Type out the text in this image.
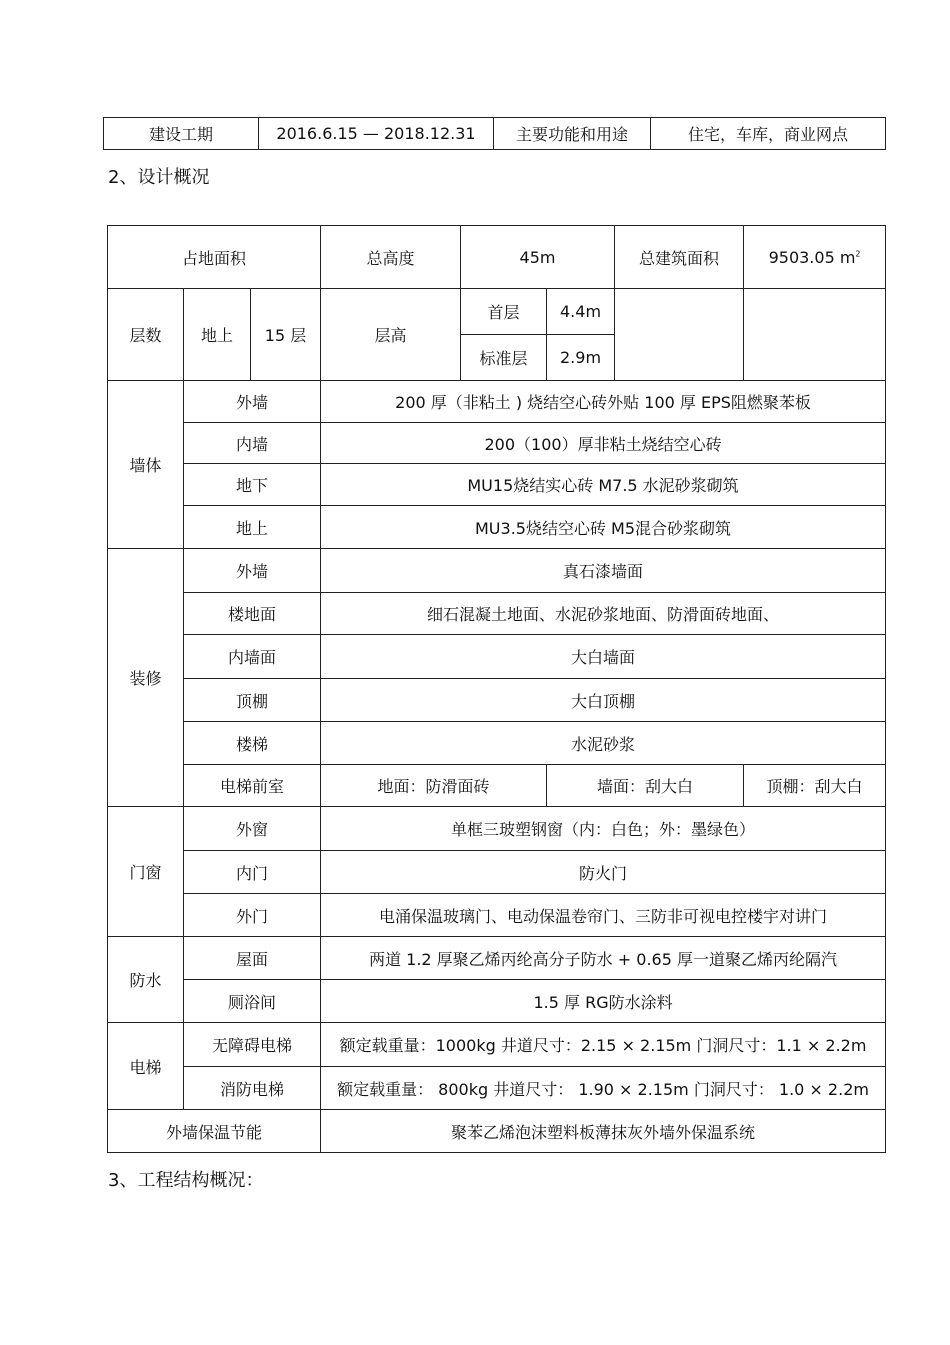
建设工期	2016.6.15 — 2018.12.31	主要功能和用途	住宅，车库，商业网点
2、设计概况
占地面积			总高度	45m		总建筑面积	9503.05 $m^2$
层数	地上	15 层	层高	首层	4.4m		
				标准层	2.9m		
墙体	外墙		200 厚（非粘土 ) 烧结空心砖外贴 100 厚 EPS阻燃聚苯板				
	内墙		200（100）厚非粘土烧结空心砖				
	地下		MU15烧结实心砖 M7.5 水泥砂浆砌筑				
	地上		MU3.5烧结空心砖 M5混合砂浆砌筑				
装修	外墙		真石漆墙面				
	楼地面		细石混凝土地面、水泥砂浆地面、防滑面砖地面、				
	内墙面		大白墙面				
	顶棚		大白顶棚				
	楼梯		水泥砂浆				
	电梯前室		地面：防滑面砖		墙面：刮大白		顶棚：刮大白
门窗	外窗		单框三玻塑钢窗（内：白色；外：墨绿色）				
	内门		防火门				
	外门		电涌保温玻璃门、电动保温卷帘门、三防非可视电控楼宇对讲门				
防水	屋面		两道 1.2 厚聚乙烯丙纶高分子防水 + 0.65 厚一道聚乙烯丙纶隔汽				
	厕浴间		1.5 厚 RG防水涂料				
电梯	无障碍电梯		额定载重量：1000kg 井道尺寸：2.15 × 2.15m 门洞尺寸：1.1 × 2.2m				
	消防电梯		额定载重量： 800kg 井道尺寸： 1.90 × 2.15m 门洞尺寸： 1.0 × 2.2m				
外墙保温节能			聚苯乙烯泡沫塑料板薄抹灰外墙外保温系统				
3、工程结构概况：
